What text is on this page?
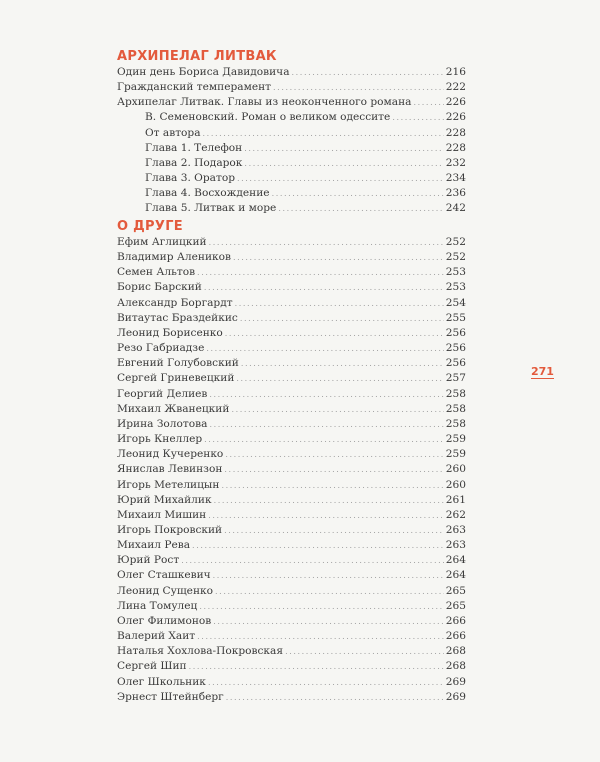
АРХИПЕЛАГ ЛИТВАК
Один день Бориса Давидовича .....	216
Гражданский темперамент .....	222
Архипелаг Литвак. Главы из неоконченного романа .....	226
В. Семеновский. Роман о великом одессите .....	226
От автора .....	228
Глава 1. Телефон .....	228
Глава 2. Подарок .....	232
Глава 3. Оратор .....	234
Глава 4. Восхождение .....	236
Глава 5. Литвак и море .....	242
О ДРУГЕ
Ефим Аглицкий .....	252
Владимир Алеников .....	252
Семен Альтов .....	253
Борис Барский .....	253
Александр Боргардт .....	254
Витаутас Браздейкис .....	255
Леонид Борисенко .....	256
Резо Габриадзе .....	256
Евгений Голубовский .....	256
Сергей Гриневецкий .....	257
Георгий Делиев .....	258
Михаил Жванецкий .....	258
Ирина Золотова .....	258
Игорь Кнеллер .....	259
Леонид Кучеренко .....	259
Янислав Левинзон .....	260
Игорь Метелицын .....	260
Юрий Михайлик .....	261
Михаил Мишин .....	262
Игорь Покровский .....	263
Михаил Рева .....	263
Юрий Рост .....	264
Олег Сташкевич .....	264
Леонид Сущенко .....	265
Лина Томулец .....	265
Олег Филимонов .....	266
Валерий Хаит .....	266
Наталья Хохлова-Покровская .....	268
Сергей Шип .....	268
Олег Школьник .....	269
Эрнест Штейнберг .....	269
271
